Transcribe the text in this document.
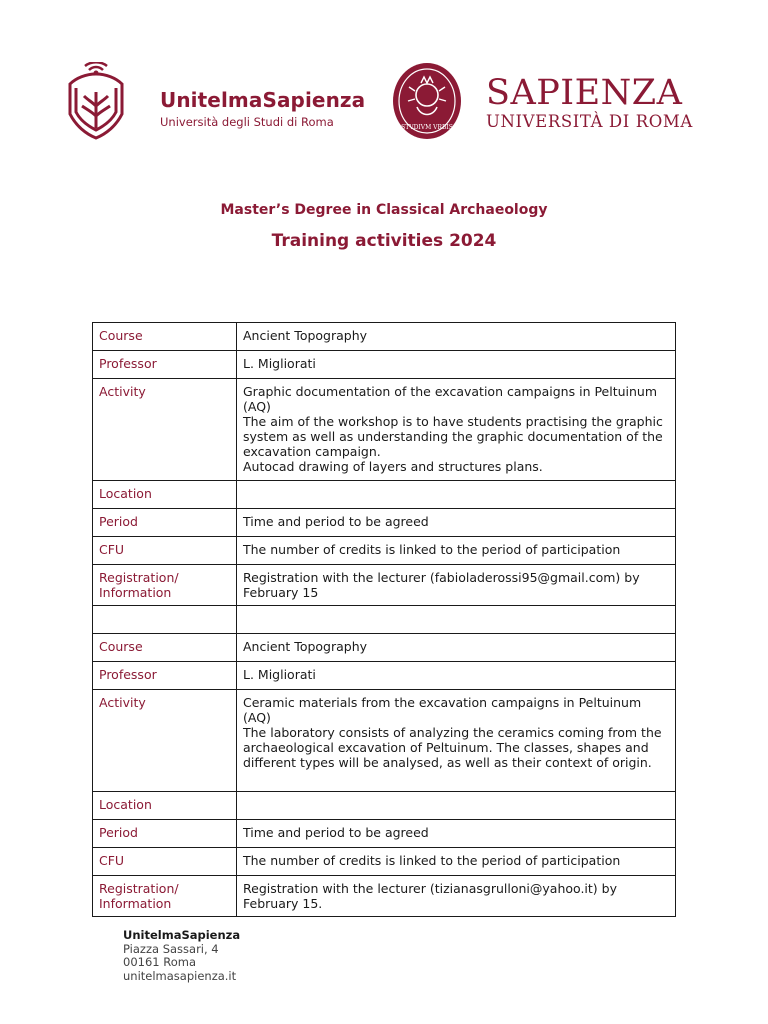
UnitelmaSapienza
Università degli Studi di Roma	STVDIVM VRBIS
SAPIENZA
UNIVERSITÀ DI ROMA
Master’s Degree in Classical Archaeology
Training activities 2024
Course	Ancient Topography
Professor	L. Migliorati
Activity	Graphic documentation of the excavation campaigns in Peltuinum (AQ)
The aim of the workshop is to have students practising the graphic system as well as understanding the graphic documentation of the excavation campaign.
Autocad drawing of layers and structures plans.
Location	
Period	Time and period to be agreed
CFU	The number of credits is linked to the period of participation
Registration/
Information	Registration with the lecturer (fabioladerossi95@gmail.com) by February 15

Course	Ancient Topography
Professor	L. Migliorati
Activity	Ceramic materials from the excavation campaigns in Peltuinum (AQ)
The laboratory consists of analyzing the ceramics coming from the archaeological excavation of Peltuinum. The classes, shapes and different types will be analysed, as well as their context of origin.
Location	
Period	Time and period to be agreed
CFU	The number of credits is linked to the period of participation
Registration/
Information	Registration with the lecturer (tizianasgrulloni@yahoo.it) by February 15.
UnitelmaSapienza
Piazza Sassari, 4
00161 Roma
unitelmasapienza.it
